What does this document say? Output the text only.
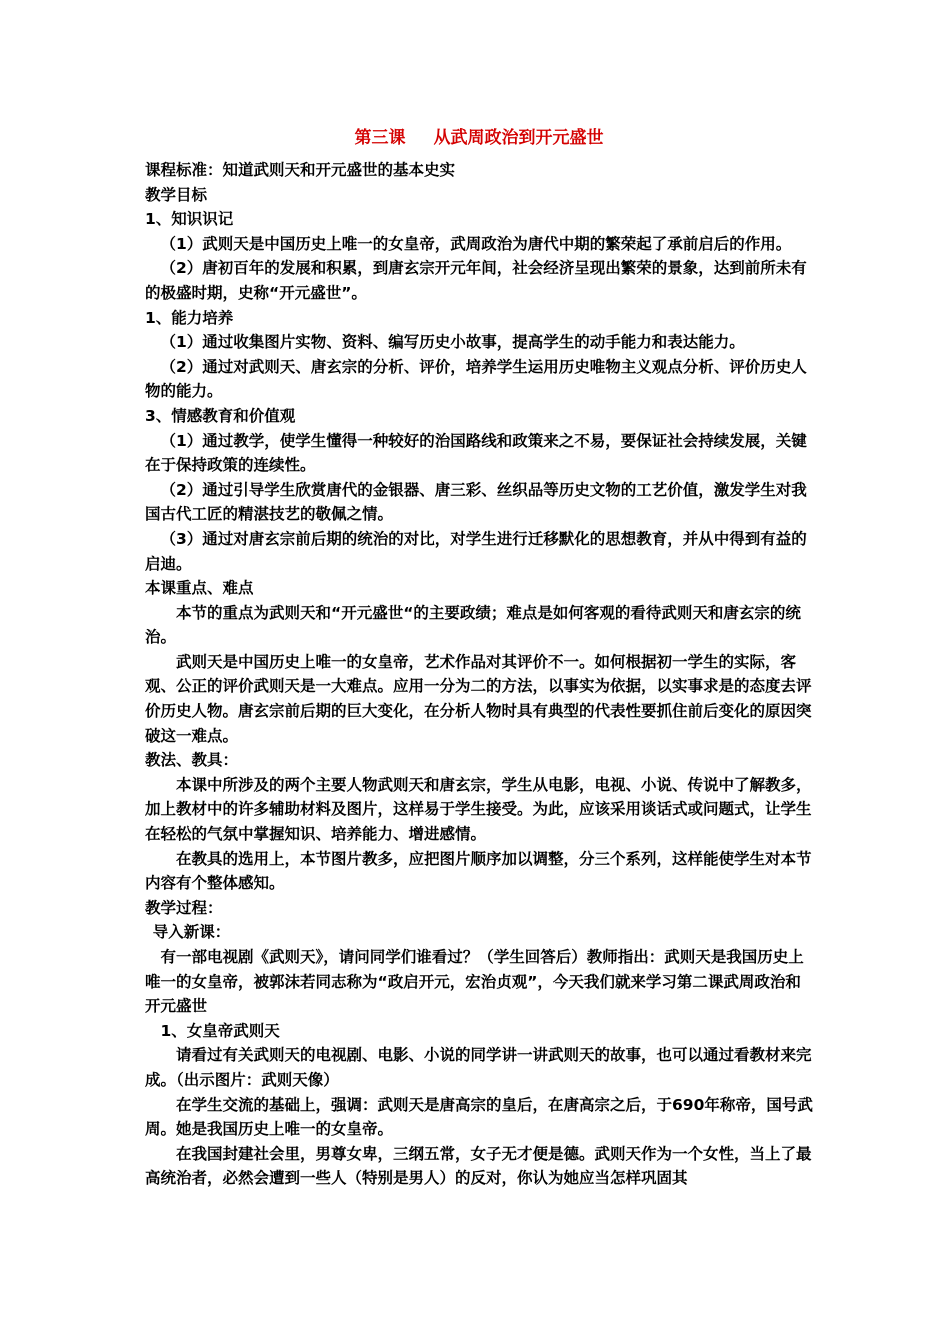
第三课 从武周政治到开元盛世

课程标准：知道武则天和开元盛世的基本史实

教学目标

1、知识识记

（1）武则天是中国历史上唯一的女皇帝，武周政治为唐代中期的繁荣起了承前启后的作用。

（2）唐初百年的发展和积累，到唐玄宗开元年间，社会经济呈现出繁荣的景象，达到前所未有的极盛时期，史称“开元盛世”。

1、能力培养

（1）通过收集图片实物、资料、编写历史小故事，提高学生的动手能力和表达能力。

（2）通过对武则天、唐玄宗的分析、评价，培养学生运用历史唯物主义观点分析、评价历史人物的能力。

3、情感教育和价值观

（1）通过教学，使学生懂得一种较好的治国路线和政策来之不易，要保证社会持续发展，关键在于保持政策的连续性。

（2）通过引导学生欣赏唐代的金银器、唐三彩、丝织品等历史文物的工艺价值，激发学生对我国古代工匠的精湛技艺的敬佩之情。

（3）通过对唐玄宗前后期的统治的对比，对学生进行迁移默化的思想教育，并从中得到有益的启迪。

本课重点、难点

本节的重点为武则天和“开元盛世“的主要政绩；难点是如何客观的看待武则天和唐玄宗的统治。

武则天是中国历史上唯一的女皇帝，艺术作品对其评价不一。如何根据初一学生的实际，客观、公正的评价武则天是一大难点。应用一分为二的方法，以事实为依据，以实事求是的态度去评价历史人物。唐玄宗前后期的巨大变化，在分析人物时具有典型的代表性要抓住前后变化的原因突破这一难点。

教法、教具：

本课中所涉及的两个主要人物武则天和唐玄宗，学生从电影，电视、小说、传说中了解教多，加上教材中的许多辅助材料及图片，这样易于学生接受。为此，应该采用谈话式或问题式，让学生在轻松的气氛中掌握知识、培养能力、增进感情。

在教具的选用上，本节图片教多，应把图片顺序加以调整，分三个系列，这样能使学生对本节内容有个整体感知。

教学过程：

导入新课：

有一部电视剧《武则天》，请问同学们谁看过？（学生回答后）教师指出：武则天是我国历史上唯一的女皇帝，被郭沫若同志称为“政启开元，宏治贞观”，今天我们就来学习第二课武周政治和开元盛世

1、女皇帝武则天

请看过有关武则天的电视剧、电影、小说的同学讲一讲武则天的故事，也可以通过看教材来完成。（出示图片：武则天像）

在学生交流的基础上，强调：武则天是唐高宗的皇后，在唐高宗之后，于690年称帝，国号武周。她是我国历史上唯一的女皇帝。

在我国封建社会里，男尊女卑，三纲五常，女子无才便是德。武则天作为一个女性，当上了最高统治者，必然会遭到一些人（特别是男人）的反对，你认为她应当怎样巩固其
